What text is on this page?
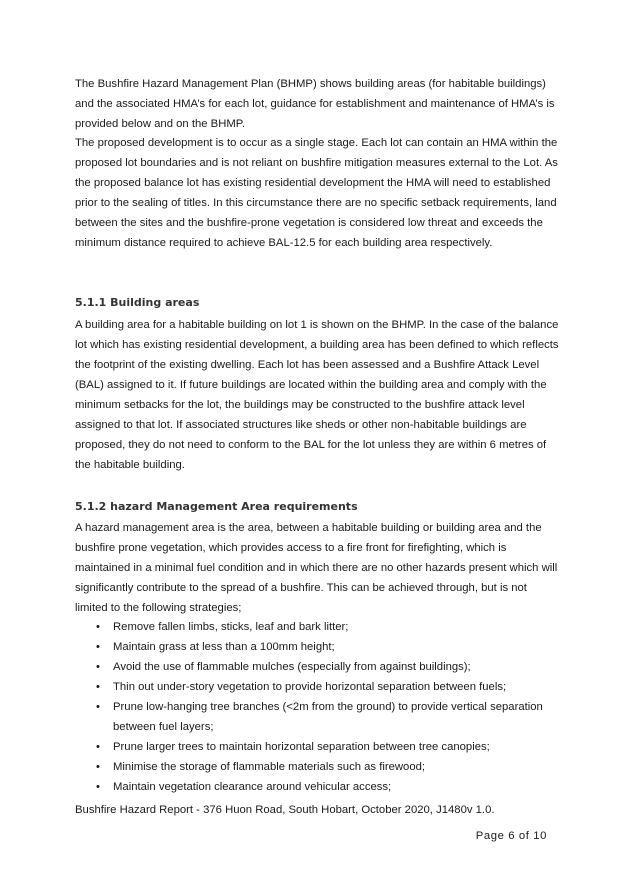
The Bushfire Hazard Management Plan (BHMP) shows building areas (for habitable buildings) and the associated HMA’s for each lot, guidance for establishment and maintenance of HMA’s is provided below and on the BHMP.

The proposed development is to occur as a single stage. Each lot can contain an HMA within the proposed lot boundaries and is not reliant on bushfire mitigation measures external to the Lot. As the proposed balance lot has existing residential development the HMA will need to established prior to the sealing of titles. In this circumstance there are no specific setback requirements, land between the sites and the bushfire-prone vegetation is considered low threat and exceeds the minimum distance required to achieve BAL-12.5 for each building area respectively.

5.1.1 Building areas

A building area for a habitable building on lot 1 is shown on the BHMP. In the case of the balance lot which has existing residential development, a building area has been defined to which reflects the footprint of the existing dwelling. Each lot has been assessed and a Bushfire Attack Level (BAL) assigned to it. If future buildings are located within the building area and comply with the minimum setbacks for the lot, the buildings may be constructed to the bushfire attack level assigned to that lot. If associated structures like sheds or other non-habitable buildings are proposed, they do not need to conform to the BAL for the lot unless they are within 6 metres of the habitable building.

5.1.2 hazard Management Area requirements

A hazard management area is the area, between a habitable building or building area and the bushfire prone vegetation, which provides access to a fire front for firefighting, which is maintained in a minimal fuel condition and in which there are no other hazards present which will significantly contribute to the spread of a bushfire. This can be achieved through, but is not limited to the following strategies;

•	Remove fallen limbs, sticks, leaf and bark litter;
•	Maintain grass at less than a 100mm height;
•	Avoid the use of flammable mulches (especially from against buildings);
•	Thin out under-story vegetation to provide horizontal separation between fuels;
•	Prune low-hanging tree branches (<2m from the ground) to provide vertical separation between fuel layers;
•	Prune larger trees to maintain horizontal separation between tree canopies;
•	Minimise the storage of flammable materials such as firewood;
•	Maintain vegetation clearance around vehicular access;

Bushfire Hazard Report - 376 Huon Road, South Hobart, October 2020, J1480v 1.0.

Page 6 of 10
